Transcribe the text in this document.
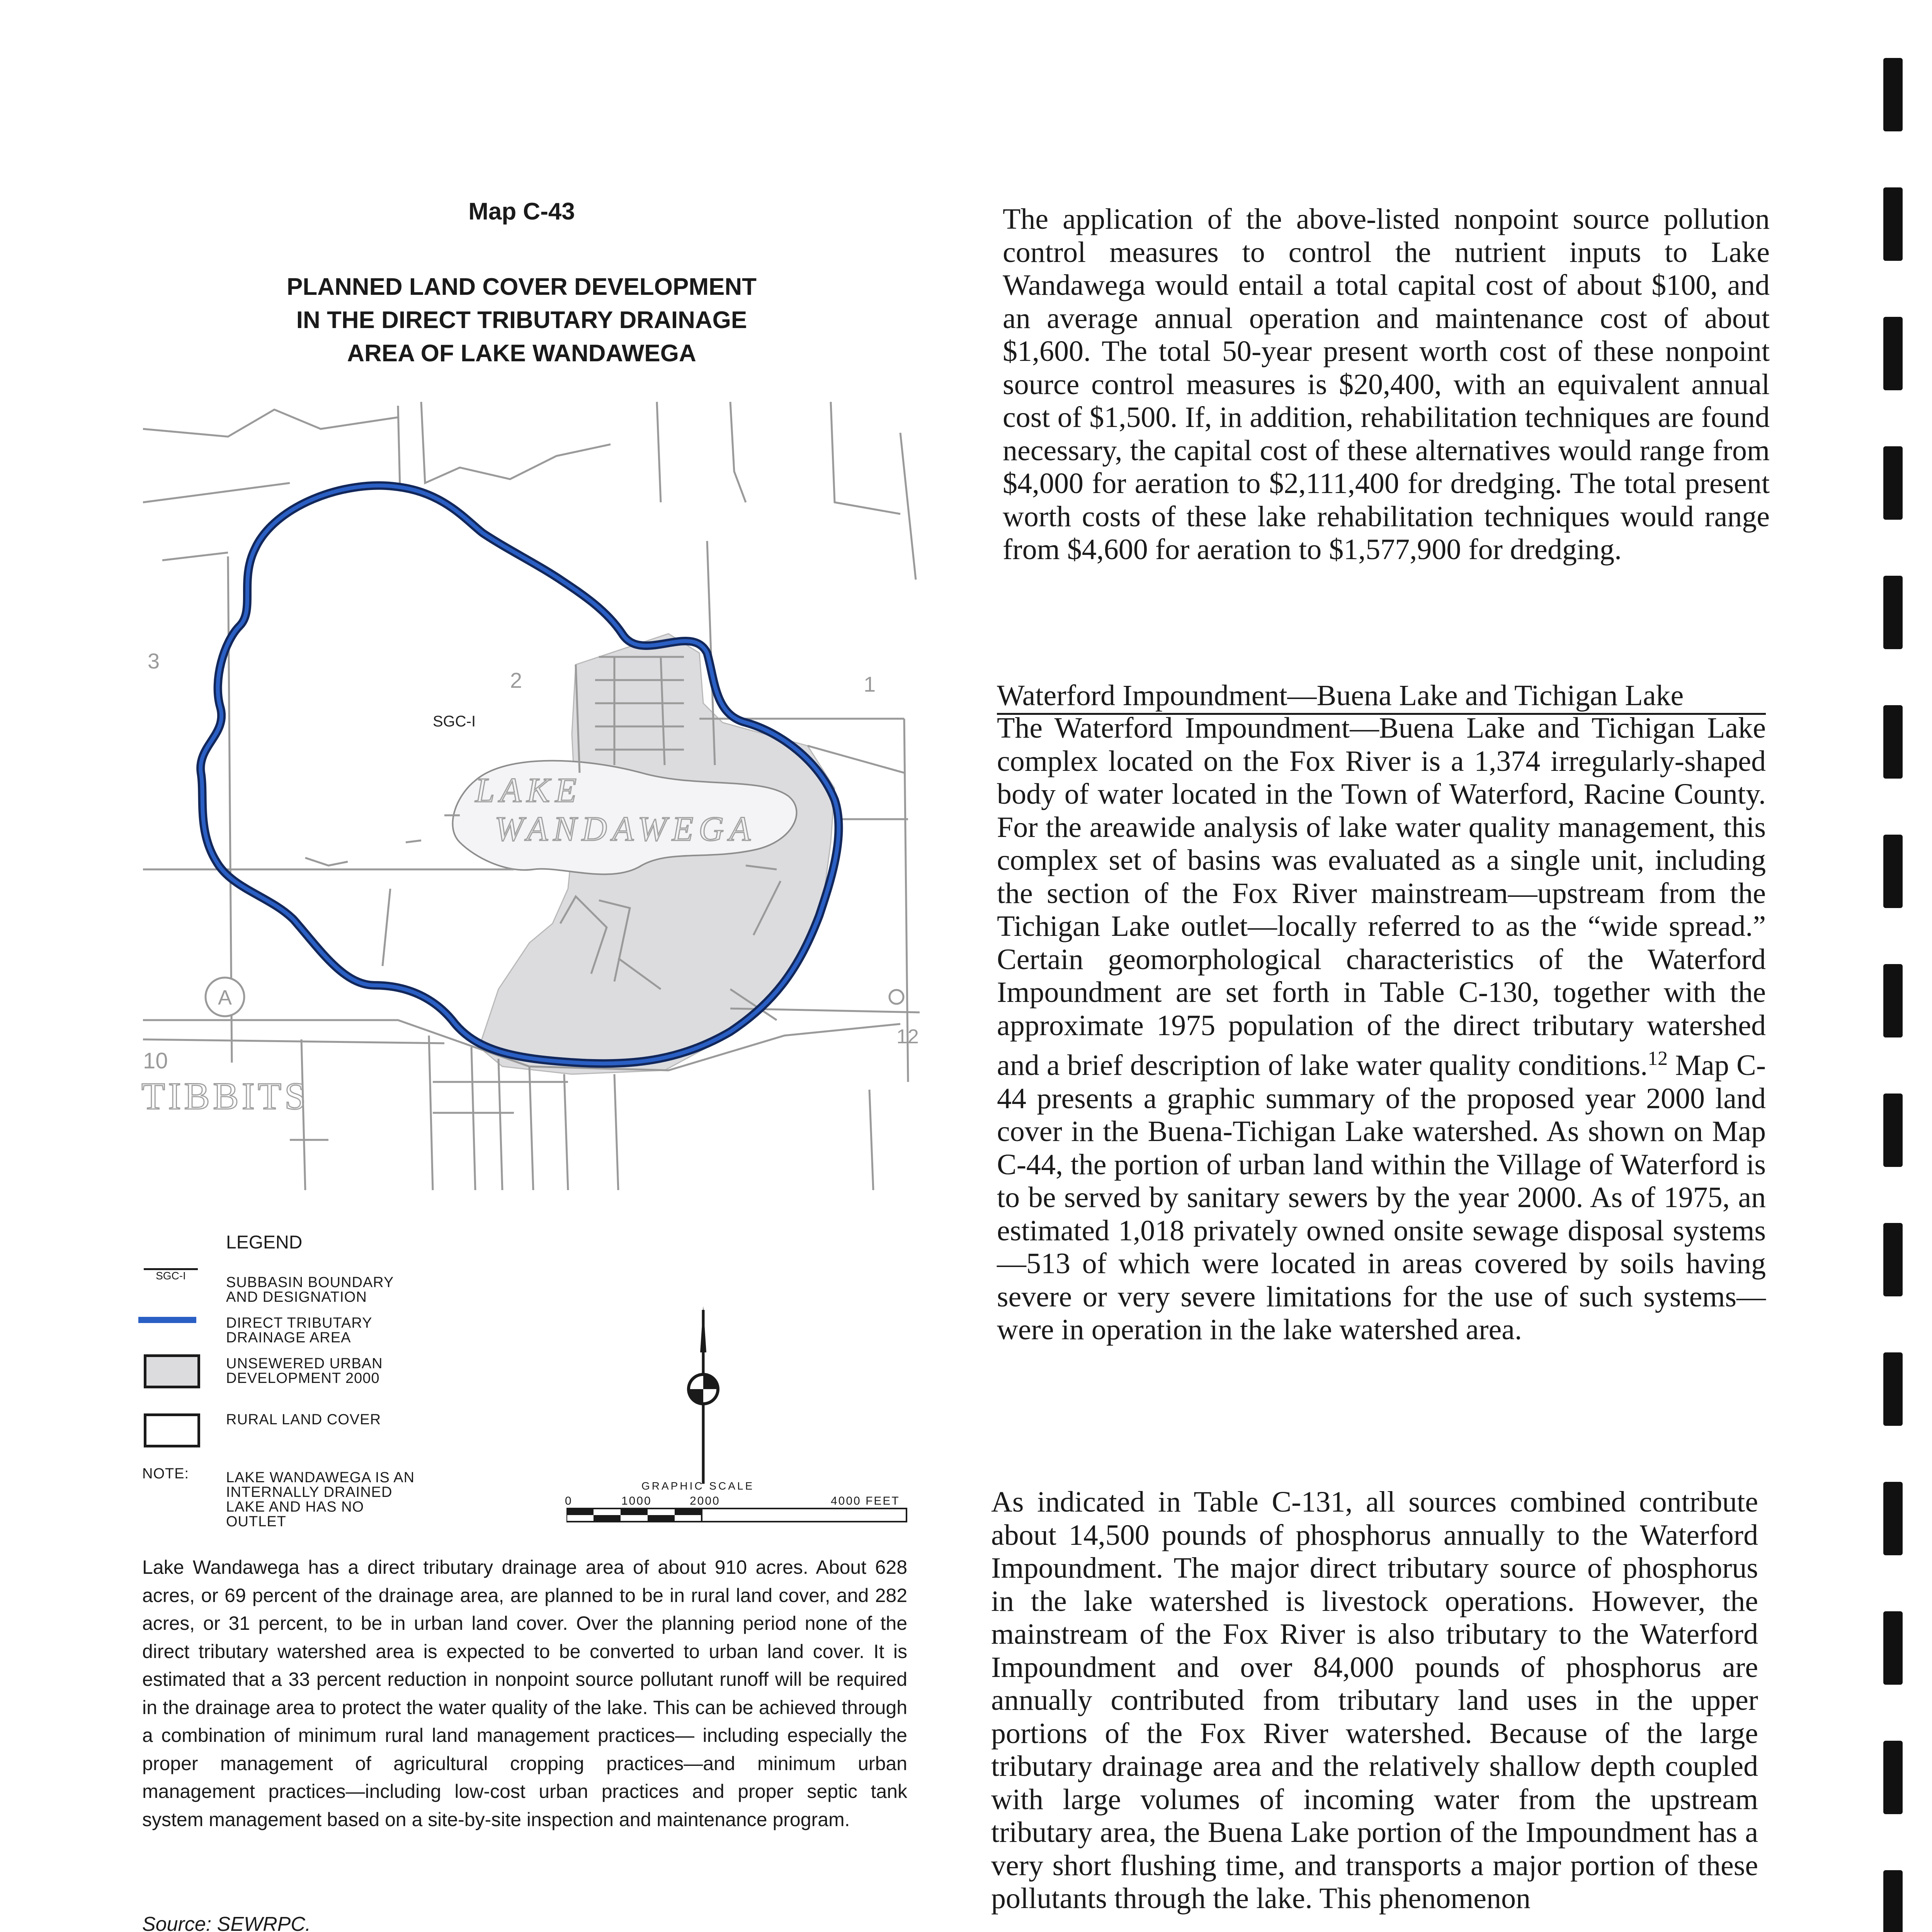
Map C-43
PLANNED LAND COVER DEVELOPMENT
IN THE DIRECT TRIBUTARY DRAINAGE
AREA OF LAKE WANDAWEGA
3
2	1
10
12
SGC-I
LAKE
WANDAWEGA
A
TIBBITS
LEGEND
SGC-I	SUBBASIN BOUNDARY
AND DESIGNATION
DIRECT TRIBUTARY
DRAINAGE AREA
UNSEWERED URBAN
DEVELOPMENT 2000
RURAL LAND COVER
NOTE:	LAKE WANDAWEGA IS AN
INTERNALLY DRAINED
LAKE AND HAS NO
OUTLET
GRAPHIC SCALE
0	1000	2000	4000 FEET
Lake Wandawega has a direct tributary drainage area of about 910 acres. About 628 acres, or 69 percent of the drainage area, are planned to be in rural land cover, and 282 acres, or 31 percent, to be in urban land cover. Over the planning period none of the direct tributary watershed area is expected to be converted to urban land cover. It is estimated that a 33 percent reduction in nonpoint source pollutant runoff will be required in the drainage area to protect the water quality of the lake. This can be achieved through a combination of minimum rural land management practices— including especially the proper management of agricultural cropping practices—and minimum urban management practices—including low-cost urban practices and proper septic tank system management based on a site-by-site inspection and maintenance program.
Source: SEWRPC.

The application of the above-listed nonpoint source pollution control measures to control the nutrient inputs to Lake Wandawega would entail a total capital cost of about $100, and an average annual operation and maintenance cost of about $1,600. The total 50-year present worth cost of these nonpoint source control measures is $20,400, with an equivalent annual cost of $1,500. If, in addition, rehabilitation techniques are found necessary, the capital cost of these alternatives would range from $4,000 for aeration to $2,111,400 for dredging. The total present worth costs of these lake rehabilitation techniques would range from $4,600 for aeration to $1,577,900 for dredging.

Waterford Impoundment—Buena Lake and Tichigan Lake

The Waterford Impoundment—Buena Lake and Tichigan Lake complex located on the Fox River is a 1,374 irregularly-shaped body of water located in the Town of Waterford, Racine County. For the areawide analysis of lake water quality management, this complex set of basins was evaluated as a single unit, including the section of the Fox River mainstream—upstream from the Tichigan Lake outlet—locally referred to as the “wide spread.” Certain geomorphological characteristics of the Waterford Impoundment are set forth in Table C-130, together with the approximate 1975 population of the direct tributary watershed and a brief description of lake water quality conditions.$^{12}$ Map C-44 presents a graphic summary of the proposed year 2000 land cover in the Buena-Tichigan Lake watershed. As shown on Map C-44, the portion of urban land within the Village of Waterford is to be served by sanitary sewers by the year 2000. As of 1975, an estimated 1,018 privately owned onsite sewage disposal systems—513 of which were located in areas covered by soils having severe or very severe limitations for the use of such systems—were in operation in the lake watershed area.

As indicated in Table C-131, all sources combined contribute about 14,500 pounds of phosphorus annually to the Waterford Impoundment. The major direct tributary source of phosphorus in the lake watershed is livestock operations. However, the mainstream of the Fox River is also tributary to the Waterford Impoundment and over 84,000 pounds of phosphorus are annually contributed from tributary land uses in the upper portions of the Fox River watershed. Because of the large tributary drainage area and the relatively shallow depth coupled with large volumes of incoming water from the upstream tributary area, the Buena Lake portion of the Impoundment has a very short flushing time, and transports a major portion of these pollutants through the lake. This phenomenon
